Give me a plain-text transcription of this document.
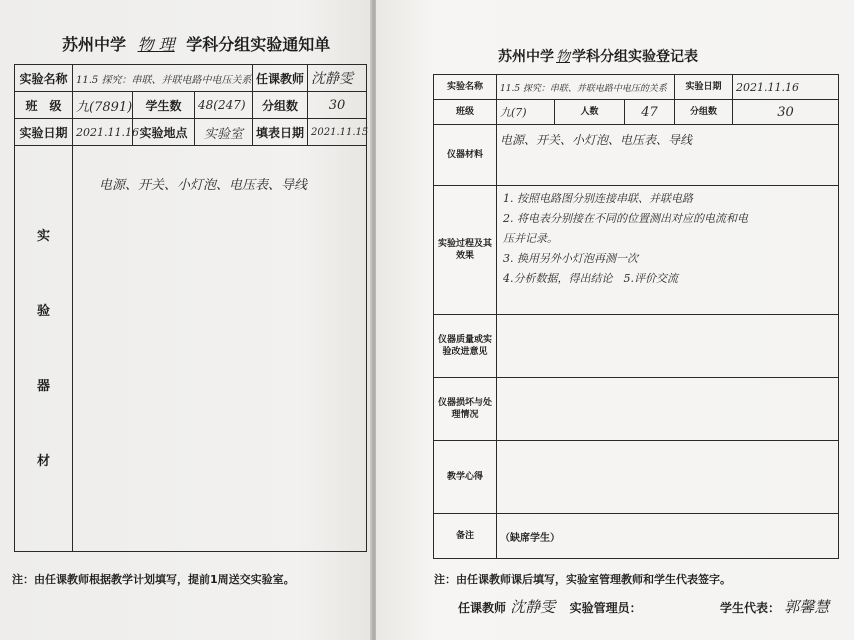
苏州中学 物 理 学科分组实验通知单
实验名称	11.5 探究：串联、并联电路中电压关系			任课教师	沈静雯
班　级	九(7891)	学生数	48(247)	分组数	30
实验日期	2021.11.16	实验地点	实验室	填表日期	2021.11.15

实
验
器
材	电源、开关、小灯泡、电压表、导线				
注：由任课教师根据教学计划填写，提前1周送交实验室。
苏州中学 物 学科分组实验登记表
实验名称	11.5 探究：串联、并联电路中电压的关系			实验日期	2021.11.16
班级	九(7)	人数	47	分组数	30
仪器材料	电源、开关、小灯泡、电压表、导线				
实验过程及其效果	1. 按照电路图分别连接串联、并联电路
2. 将电表分别接在不同的位置测出对应的电流和电
压并记录。
3. 换用另外小灯泡再测一次
4.分析数据，得出结论　5.评价交流				

仪器质量或实验改进意见					
仪器损坏与处理情况					
教学心得					
备注	（缺席学生）				
注：由任课教师课后填写，实验室管理教师和学生代表签字。
任课教师 沈静雯 实验管理员：	学生代表： 郭馨慧
